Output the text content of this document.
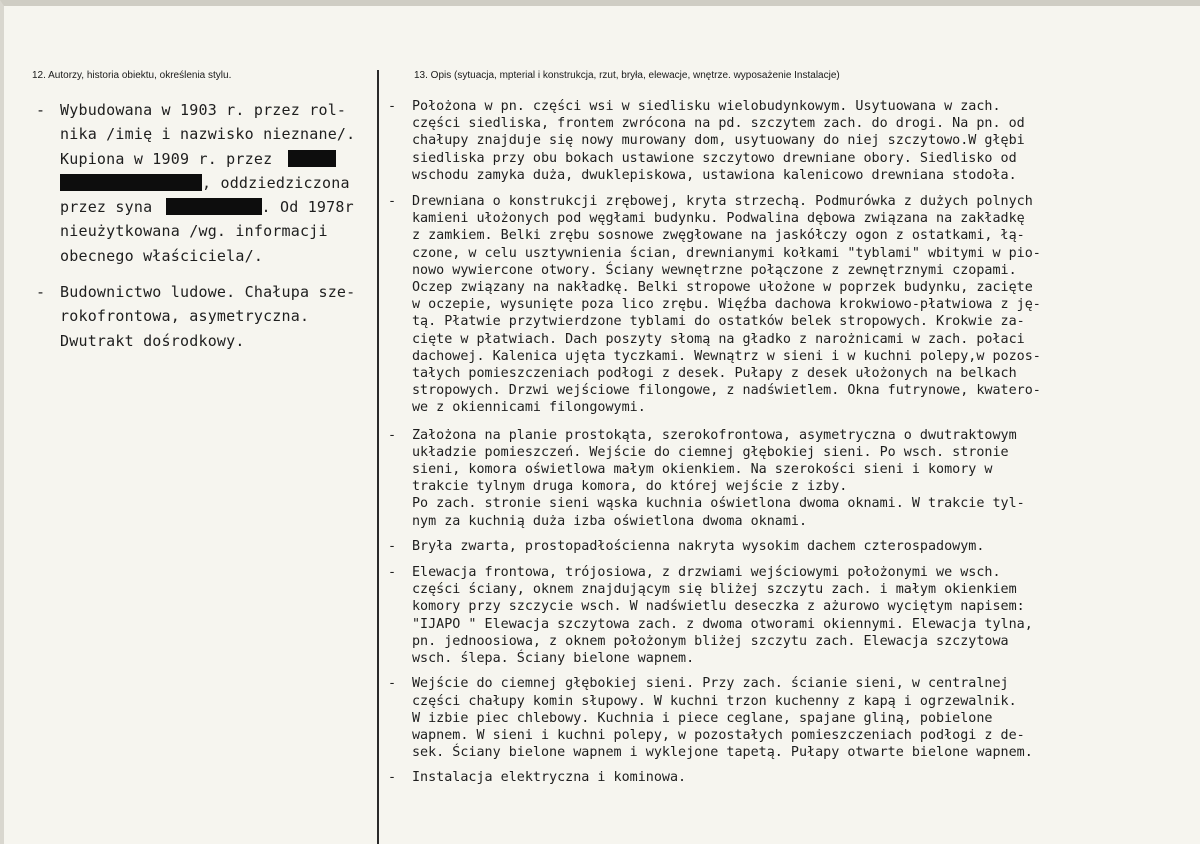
12. Autorzy, historia obiektu, określenia stylu.	13. Opis (sytuacja, mpterial i konstrukcja, rzut, bryła, elewacje, wnętrze. wyposażenie Instalacje)
- Wybudowana w 1903 r. przez rol-

nika /imię i nazwisko nieznane/.

Kupiona w 1909 r. przez

, oddziedziczona

przez syna	. Od 1978r

nieużytkowana /wg. informacji

obecnego właściciela/.

- Budownictwo ludowe. Chałupa sze-

rokofrontowa, asymetryczna.

Dwutrakt dośrodkowy.

- Położona w pn. części wsi w siedlisku wielobudynkowym. Usytuowana w zach.

części siedliska, frontem zwrócona na pd. szczytem zach. do drogi. Na pn. od

chałupy znajduje się nowy murowany dom, usytuowany do niej szczytowo.W głębi

siedliska przy obu bokach ustawione szczytowo drewniane obory. Siedlisko od

wschodu zamyka duża, dwuklepiskowa, ustawiona kalenicowo drewniana stodoła.

- Drewniana o konstrukcji zrębowej, kryta strzechą. Podmurówka z dużych polnych

kamieni ułożonych pod węgłami budynku. Podwalina dębowa związana na zakładkę

z zamkiem. Belki zrębu sosnowe zwęgłowane na jaskółczy ogon z ostatkami, łą-

czone, w celu usztywnienia ścian, drewnianymi kołkami "tyblami" wbitymi w pio-

nowo wywiercone otwory. Ściany wewnętrzne połączone z zewnętrznymi czopami.

Oczep związany na nakładkę. Belki stropowe ułożone w poprzek budynku, zacięte

w oczepie, wysunięte poza lico zrębu. Więźba dachowa krokwiowo-płatwiowa z ję-

tą. Płatwie przytwierdzone tyblami do ostatków belek stropowych. Krokwie za-

cięte w płatwiach. Dach poszyty słomą na gładko z narożnicami w zach. połaci

dachowej. Kalenica ujęta tyczkami. Wewnątrz w sieni i w kuchni polepy,w pozos-

tałych pomieszczeniach podłogi z desek. Pułapy z desek ułożonych na belkach

stropowych. Drzwi wejściowe filongowe, z nadświetlem. Okna futrynowe, kwatero-

we z okiennicami filongowymi.

- Założona na planie prostokąta, szerokofrontowa, asymetryczna o dwutraktowym

układzie pomieszczeń. Wejście do ciemnej głębokiej sieni. Po wsch. stronie

sieni, komora oświetlowa małym okienkiem. Na szerokości sieni i komory w

trakcie tylnym druga komora, do której wejście z izby.

Po zach. stronie sieni wąska kuchnia oświetlona dwoma oknami. W trakcie tyl-

nym za kuchnią duża izba oświetlona dwoma oknami.

- Bryła zwarta, prostopadłościenna nakryta wysokim dachem czterospadowym.

- Elewacja frontowa, trójosiowa, z drzwiami wejściowymi położonymi we wsch.

części ściany, oknem znajdującym się bliżej szczytu zach. i małym okienkiem

komory przy szczycie wsch. W nadświetlu deseczka z ażurowo wyciętym napisem:

"IJAPO " Elewacja szczytowa zach. z dwoma otworami okiennymi. Elewacja tylna,

pn. jednoosiowa, z oknem położonym bliżej szczytu zach. Elewacja szczytowa

wsch. ślepa. Ściany bielone wapnem.

- Wejście do ciemnej głębokiej sieni. Przy zach. ścianie sieni, w centralnej

części chałupy komin słupowy. W kuchni trzon kuchenny z kapą i ogrzewalnik.

W izbie piec chlebowy. Kuchnia i piece ceglane, spajane gliną, pobielone

wapnem. W sieni i kuchni polepy, w pozostałych pomieszczeniach podłogi z de-

sek. Ściany bielone wapnem i wyklejone tapetą. Pułapy otwarte bielone wapnem.

- Instalacja elektryczna i kominowa.
